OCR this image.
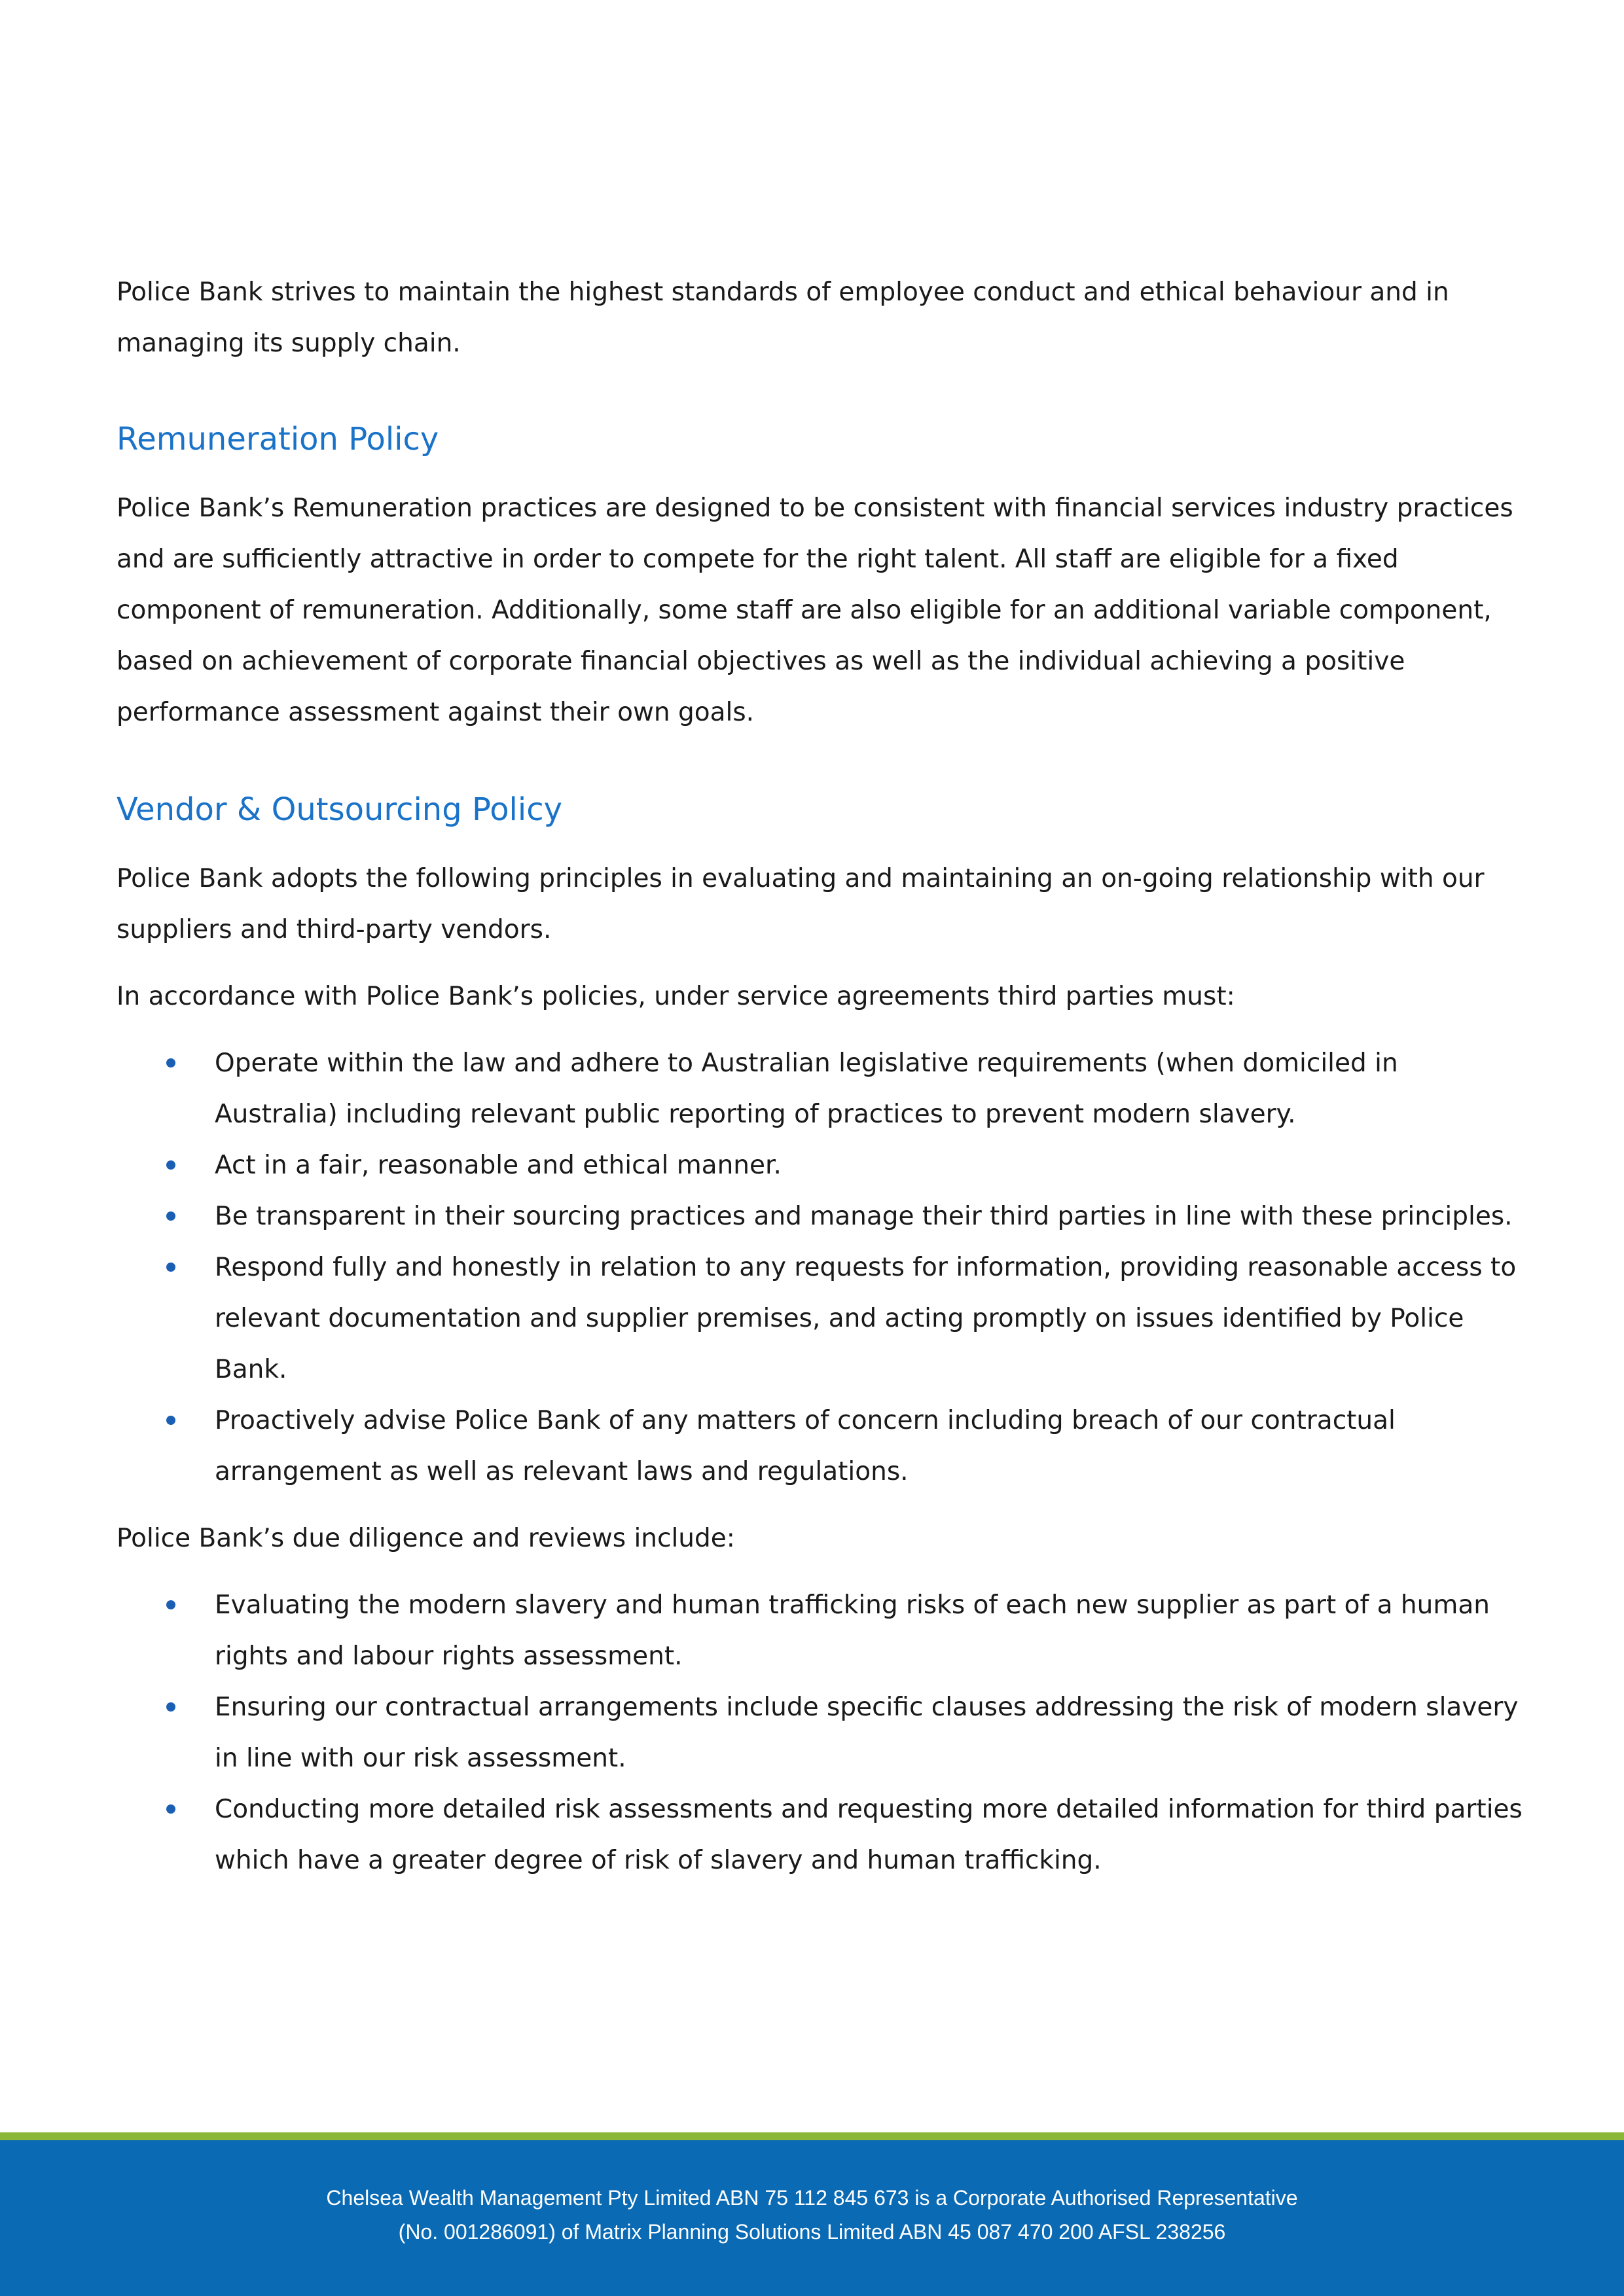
Police Bank strives to maintain the highest standards of employee conduct and ethical behaviour and in managing its supply chain.

Remuneration Policy

Police Bank’s Remuneration practices are designed to be consistent with financial services industry practices and are sufficiently attractive in order to compete for the right talent. All staff are eligible for a fixed component of remuneration. Additionally, some staff are also eligible for an additional variable component, based on achievement of corporate financial objectives as well as the individual achieving a positive performance assessment against their own goals.

Vendor & Outsourcing Policy

Police Bank adopts the following principles in evaluating and maintaining an on-going relationship with our suppliers and third-party vendors.

In accordance with Police Bank’s policies, under service agreements third parties must:

Operate within the law and adhere to Australian legislative requirements (when domiciled in Australia) including relevant public reporting of practices to prevent modern slavery.
Act in a fair, reasonable and ethical manner.
Be transparent in their sourcing practices and manage their third parties in line with these principles.
Respond fully and honestly in relation to any requests for information, providing reasonable access to relevant documentation and supplier premises, and acting promptly on issues identified by Police Bank.
Proactively advise Police Bank of any matters of concern including breach of our contractual arrangement as well as relevant laws and regulations.

Police Bank’s due diligence and reviews include:

Evaluating the modern slavery and human trafficking risks of each new supplier as part of a human rights and labour rights assessment.
Ensuring our contractual arrangements include specific clauses addressing the risk of modern slavery in line with our risk assessment.
Conducting more detailed risk assessments and requesting more detailed information for third parties which have a greater degree of risk of slavery and human trafficking.
Chelsea Wealth Management Pty Limited ABN 75 112 845 673 is a Corporate Authorised Representative
(No. 001286091) of Matrix Planning Solutions Limited ABN 45 087 470 200 AFSL 238256
